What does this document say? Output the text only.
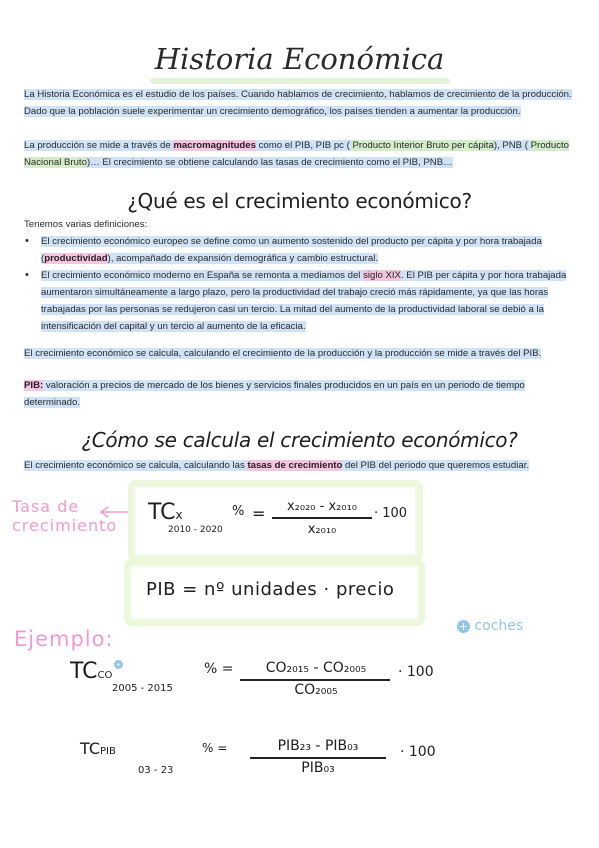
Historia Económica
La Historia Económica es el estudio de los países. Cuando hablamos de crecimiento, hablamos de crecimiento de la producción. Dado que la población suele experimentar un crecimiento demográfico, los países tienden a aumentar la producción.
La producción se mide a través de macromagnitudes como el PIB, PIB pc ( Producto Interior Bruto per cápita), PNB ( Producto Nacional Bruto)… El crecimiento se obtiene calculando las tasas de crecimiento como el PIB, PNB…
¿Qué es el crecimiento económico?
Tenemos varias definiciones:
• El crecimiento económico europeo se define como un aumento sostenido del producto per cápita y por hora trabajada (productividad), acompañado de expansión demográfica y cambio estructural.
• El crecimiento económico moderno en España se remonta a mediamos del siglo XIX. El PIB per cápita y por hora trabajada aumentaron simultáneamente a largo plazo, pero la productividad del trabajo creció más rápidamente, ya que las horas trabajadas por las personas se redujeron casi un tercio. La mitad del aumento de la productividad laboral se debió a la intensificación del capital y un tercio al aumento de la eficacia.
El crecimiento económico se calcula, calculando el crecimiento de la producción y la producción se mide a través del PIB.
PIB: valoración a precios de mercado de los bienes y servicios finales producidos en un país en un periodo de tiempo determinado.
¿Cómo se calcula el crecimiento económico?
El crecimiento económico se calcula, calculando las tasas de crecimiento del PIB del periodo que queremos estudiar.
Tasa de
crecimiento
TCx
2010 - 2020
% =	x₂₀₂₀ - x₂₀₁₀
x₂₀₁₀
· 100
PIB = nº unidades · precio
+ coches
Ejemplo:
TCCO
+
2005 - 2015
% =	CO₂₀₁₅ - CO₂₀₀₅
CO₂₀₀₅
· 100
TCPIB
03 - 23
% =	PIB₂₃ - PIB₀₃
PIB₀₃
· 100
